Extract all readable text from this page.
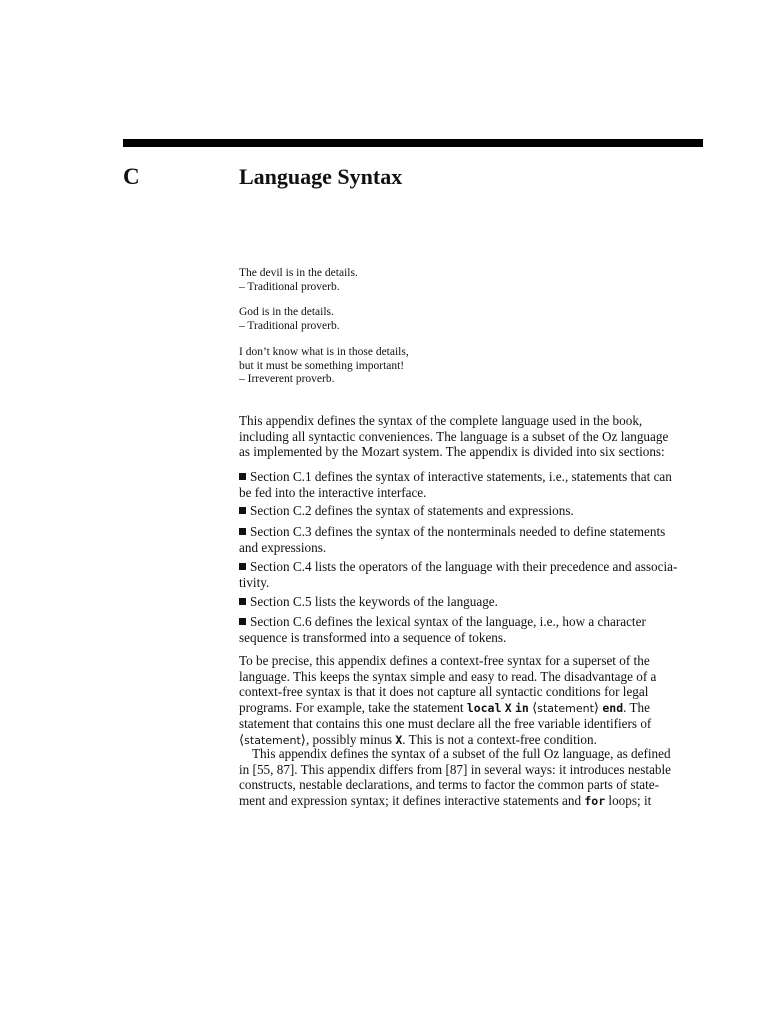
C	Language Syntax
The devil is in the details.
– Traditional proverb.
God is in the details.
– Traditional proverb.
I don’t know what is in those details,
but it must be something important!
– Irreverent proverb.
This appendix defines the syntax of the complete language used in the book,
including all syntactic conveniences. The language is a subset of the Oz language
as implemented by the Mozart system. The appendix is divided into six sections:
Section C.1 defines the syntax of interactive statements, i.e., statements that can
be fed into the interactive interface.
Section C.2 defines the syntax of statements and expressions.
Section C.3 defines the syntax of the nonterminals needed to define statements
and expressions.
Section C.4 lists the operators of the language with their precedence and associa-
tivity.
Section C.5 lists the keywords of the language.
Section C.6 defines the lexical syntax of the language, i.e., how a character
sequence is transformed into a sequence of tokens.
To be precise, this appendix defines a context-free syntax for a superset of the
language. This keeps the syntax simple and easy to read. The disadvantage of a
context-free syntax is that it does not capture all syntactic conditions for legal
programs. For example, take the statement local X in ⟨statement⟩ end. The
statement that contains this one must declare all the free variable identifiers of
⟨statement⟩, possibly minus X. This is not a context-free condition.
This appendix defines the syntax of a subset of the full Oz language, as defined
in [55, 87]. This appendix differs from [87] in several ways: it introduces nestable
constructs, nestable declarations, and terms to factor the common parts of state-
ment and expression syntax; it defines interactive statements and for loops; it
